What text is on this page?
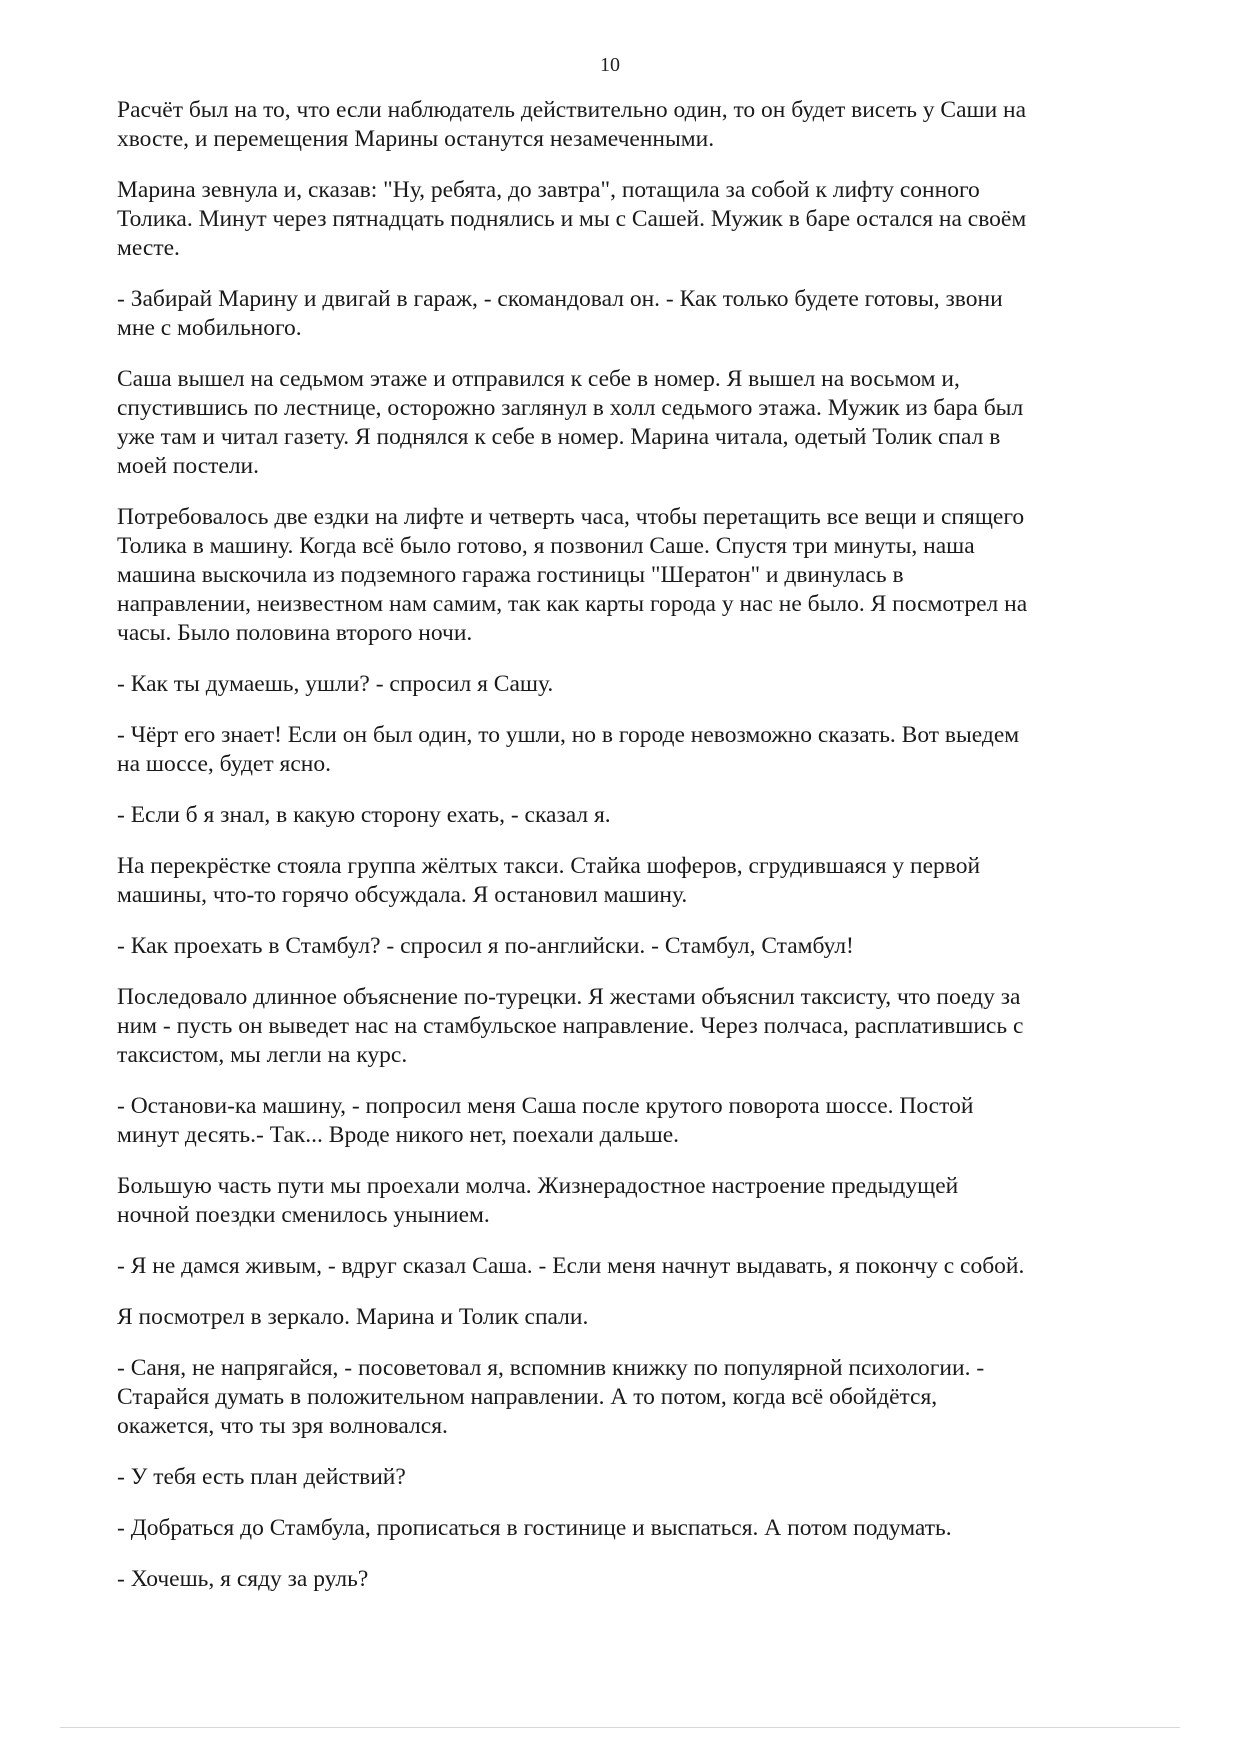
10
Расчёт был на то, что если наблюдатель действительно один, то он будет висеть у Саши на
хвосте, и перемещения Марины останутся незамеченными.
Марина зевнула и, сказав: "Ну, ребята, до завтра", потащила за собой к лифту сонного
Толика. Минут через пятнадцать поднялись и мы с Сашей. Мужик в баре остался на своём
месте.
- Забирай Марину и двигай в гараж, - скомандовал он. - Как только будете готовы, звони
мне с мобильного.
Саша вышел на седьмом этаже и отправился к себе в номер. Я вышел на восьмом и,
спустившись по лестнице, осторожно заглянул в холл седьмого этажа. Мужик из бара был
уже там и читал газету. Я поднялся к себе в номер. Марина читала, одетый Толик спал в
моей постели.
Потребовалось две ездки на лифте и четверть часа, чтобы перетащить все вещи и спящего
Толика в машину. Когда всё было готово, я позвонил Саше. Спустя три минуты, наша
машина выскочила из подземного гаража гостиницы "Шератон" и двинулась в
направлении, неизвестном нам самим, так как карты города у нас не было. Я посмотрел на
часы. Было половина второго ночи.
- Как ты думаешь, ушли? - спросил я Сашу.
- Чёрт его знает! Если он был один, то ушли, но в городе невозможно сказать. Вот выедем
на шоссе, будет ясно.
- Если б я знал, в какую сторону ехать, - сказал я.
На перекрёстке стояла группа жёлтых такси. Стайка шоферов, сгрудившаяся у первой
машины, что-то горячо обсуждала. Я остановил машину.
- Как проехать в Стамбул? - спросил я по-английски. - Стамбул, Стамбул!
Последовало длинное объяснение по-турецки. Я жестами объяснил таксисту, что поеду за
ним - пусть он выведет нас на стамбульское направление. Через полчаса, расплатившись с
таксистом, мы легли на курс.
- Останови-ка машину, - попросил меня Саша после крутого поворота шоссе. Постой
минут десять.- Так... Вроде никого нет, поехали дальше.
Большую часть пути мы проехали молча. Жизнерадостное настроение предыдущей
ночной поездки сменилось унынием.
- Я не дамся живым, - вдруг сказал Саша. - Если меня начнут выдавать, я покончу с собой.
Я посмотрел в зеркало. Марина и Толик спали.
- Саня, не напрягайся, - посоветовал я, вспомнив книжку по популярной психологии. -
Старайся думать в положительном направлении. А то потом, когда всё обойдётся,
окажется, что ты зря волновался.
- У тебя есть план действий?
- Добраться до Стамбула, прописаться в гостинице и выспаться. А потом подумать.
- Хочешь, я сяду за руль?
